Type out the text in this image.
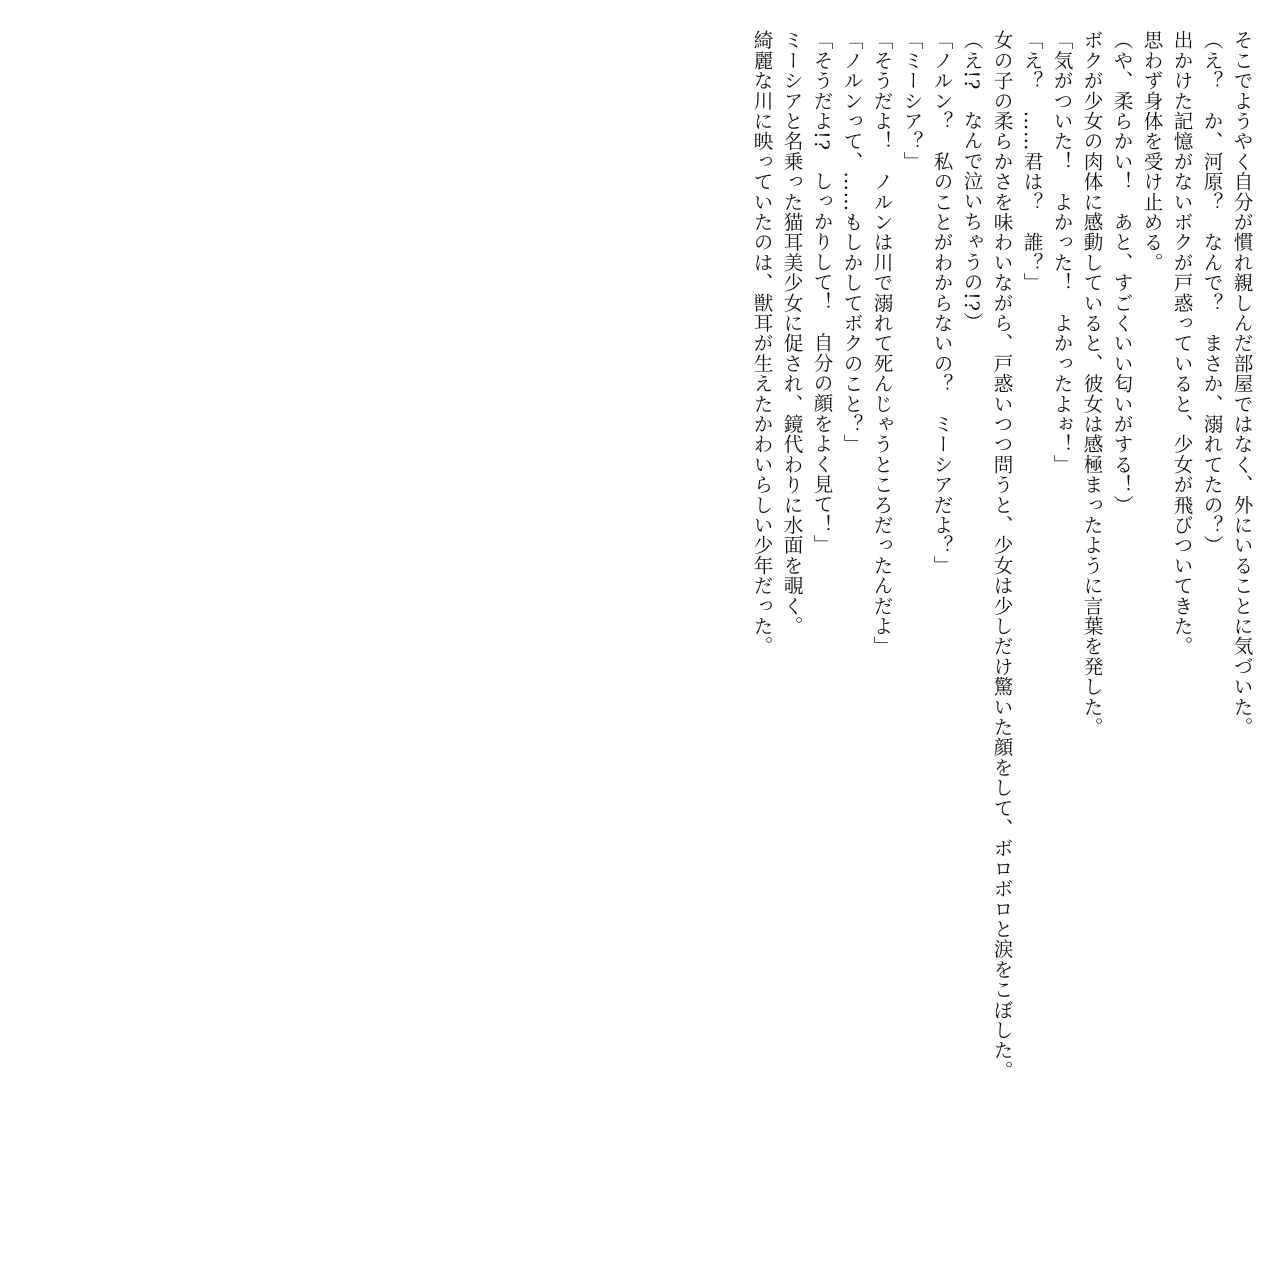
そこでようやく自分が慣れ親しんだ部屋ではなく、外にいることに気づいた。

（え？　か、河原？　なんで？　まさか、溺れてたの？）

出かけた記憶がないボクが戸惑っていると、少女が飛びついてきた。

思わず身体を受け止める。

（や、柔らかい！　あと、すごくいい匂いがする！）

ボクが少女の肉体に感動していると、彼女は感極まったように言葉を発した。

「気がついた！　よかった！　よかったよぉ！」

「え？　……君は？　誰？」

女の子の柔らかさを味わいながら、戸惑いつつ問うと、少女は少しだけ驚いた顔をして、ボロボロと涙をこぼした。

（え!?　なんで泣いちゃうの!?）

「ノルン？　私のことがわからないの？　ミーシアだよ？」

「ミーシア？」

「そうだよ！　ノルンは川で溺れて死んじゃうところだったんだよ」

「ノルンって、……もしかしてボクのこと？」

「そうだよ!?　しっかりして！　自分の顔をよく見て！」

ミーシアと名乗った猫耳美少女に促され、鏡代わりに水面を覗く。

綺麗な川に映っていたのは、獣耳が生えたかわいらしい少年だった。
